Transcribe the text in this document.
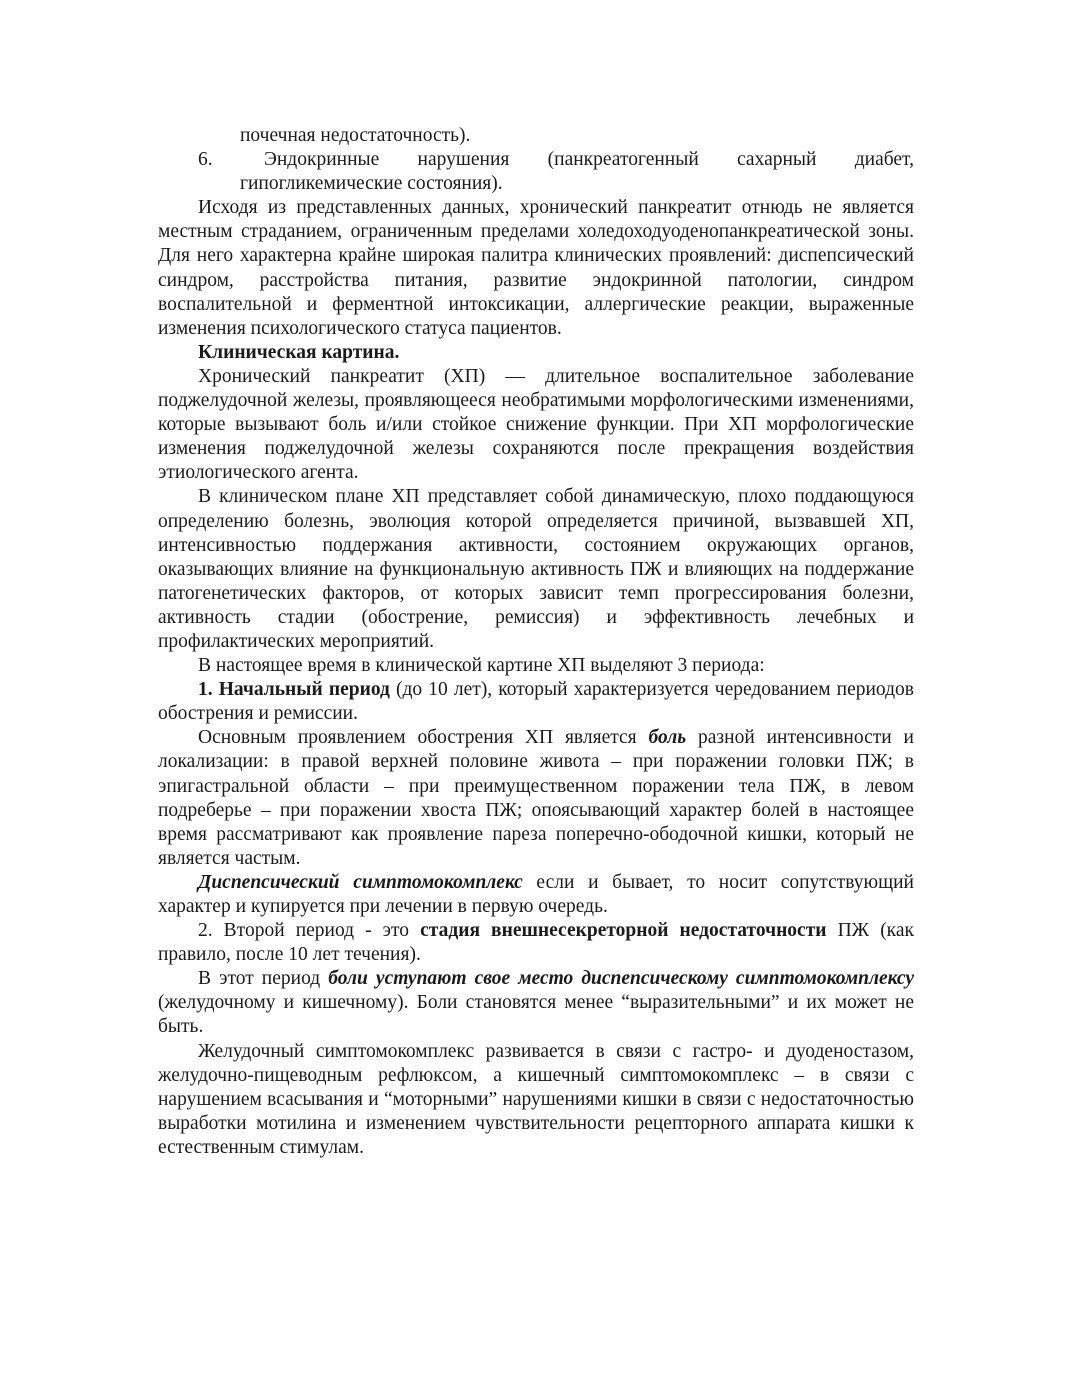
почечная недостаточность).

6.	Эндокринные нарушения (панкреатогенный сахарный диабет, гипогликемические состояния).

Исходя из представленных данных, хронический панкреатит отнюдь не является местным страданием, ограниченным пределами холедоходуоденопанкреатической зоны. Для него характерна крайне широкая палитра клинических проявлений: диспепсический синдром, расстройства питания, развитие эндокринной патологии, синдром воспалительной и ферментной интоксикации, аллергические реакции, выраженные изменения психологического статуса пациентов.

Клиническая картина.

Хронический панкреатит (ХП) — длительное воспалительное заболевание поджелудочной железы, проявляющееся необратимыми морфологическими изменениями, которые вызывают боль и/или стойкое снижение функции. При ХП морфологические изменения поджелудочной железы сохраняются после прекращения воздействия этиологического агента.

В клиническом плане ХП представляет собой динамическую, плохо поддающуюся определению болезнь, эволюция которой определяется причиной, вызвавшей ХП, интенсивностью поддержания активности, состоянием окружающих органов, оказывающих влияние на функциональную активность ПЖ и влияющих на поддержание патогенетических факторов, от которых зависит темп прогрессирования болезни, активность стадии (обострение, ремиссия) и эффективность лечебных и профилактических мероприятий.

В настоящее время в клинической картине ХП выделяют 3 периода:

1. Начальный период (до 10 лет), который характеризуется чередованием периодов обострения и ремиссии.

Основным проявлением обострения ХП является боль разной интенсивности и локализации: в правой верхней половине живота – при поражении головки ПЖ; в эпигастральной области – при преимущественном поражении тела ПЖ, в левом подреберье – при поражении хвоста ПЖ; опоясывающий характер болей в настоящее время рассматривают как проявление пареза поперечно-ободочной кишки, который не является частым.

Диспепсический симптомокомплекс если и бывает, то носит сопутствующий характер и купируется при лечении в первую очередь.

2. Второй период - это стадия внешнесекреторной недостаточности ПЖ (как правило, после 10 лет течения).

В этот период боли уступают свое место диспепсическому симптомокомплексу (желудочному и кишечному). Боли становятся менее “выразительными” и их может не быть.

Желудочный симптомокомплекс развивается в связи с гастро- и дуоденостазом, желудочно-пищеводным рефлюксом, а кишечный симптомокомплекс – в связи с нарушением всасывания и “моторными” нарушениями кишки в связи с недостаточностью выработки мотилина и изменением чувствительности рецепторного аппарата кишки к естественным стимулам.
